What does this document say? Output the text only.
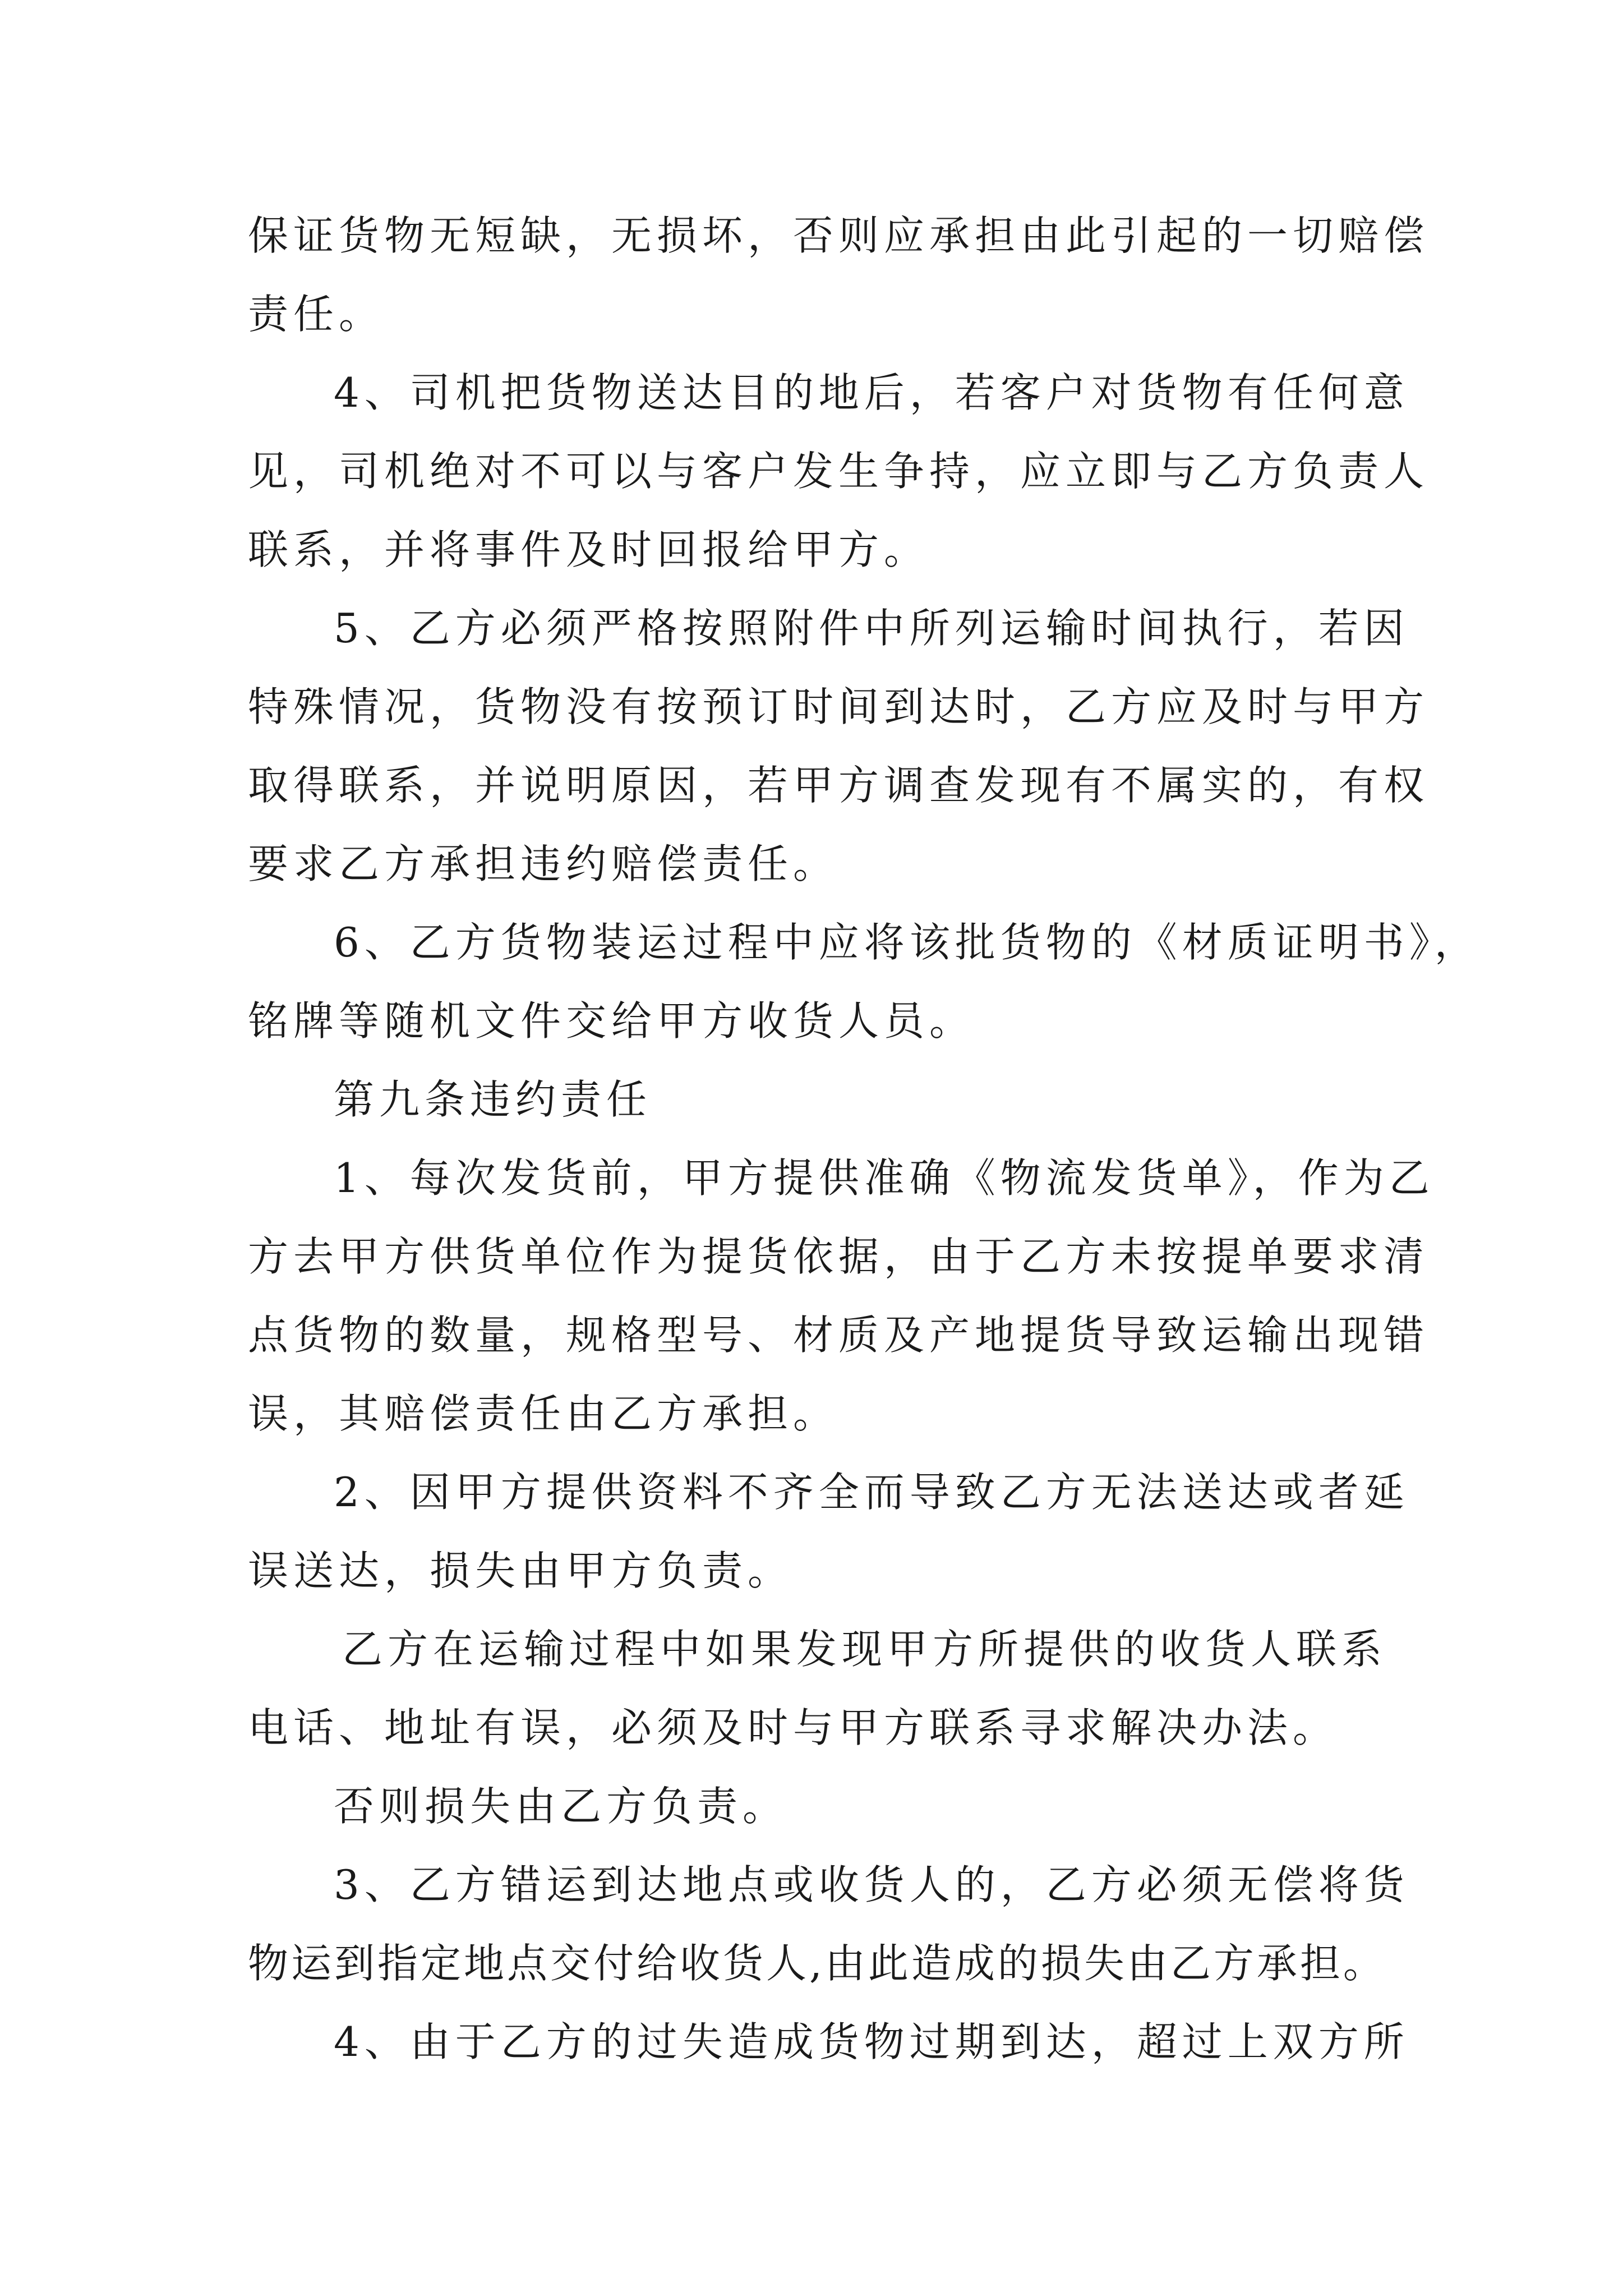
保证货物无短缺，无损坏，否则应承担由此引起的一切赔偿
责任。
4、司机把货物送达目的地后，若客户对货物有任何意
见，司机绝对不可以与客户发生争持，应立即与乙方负责人
联系，并将事件及时回报给甲方。
5、乙方必须严格按照附件中所列运输时间执行，若因
特殊情况，货物没有按预订时间到达时，乙方应及时与甲方
取得联系，并说明原因，若甲方调查发现有不属实的，有权
要求乙方承担违约赔偿责任。
6、乙方货物装运过程中应将该批货物的《材质证明书》，
铭牌等随机文件交给甲方收货人员。
第九条违约责任
1、每次发货前，甲方提供准确《物流发货单》，作为乙
方去甲方供货单位作为提货依据，由于乙方未按提单要求清
点货物的数量，规格型号、材质及产地提货导致运输出现错
误，其赔偿责任由乙方承担。
2、因甲方提供资料不齐全而导致乙方无法送达或者延
误送达，损失由甲方负责。
乙方在运输过程中如果发现甲方所提供的收货人联系
电话、地址有误，必须及时与甲方联系寻求解决办法。
否则损失由乙方负责。
3、乙方错运到达地点或收货人的，乙方必须无偿将货
物运到指定地点交付给收货人,由此造成的损失由乙方承担。
4、由于乙方的过失造成货物过期到达，超过上双方所
